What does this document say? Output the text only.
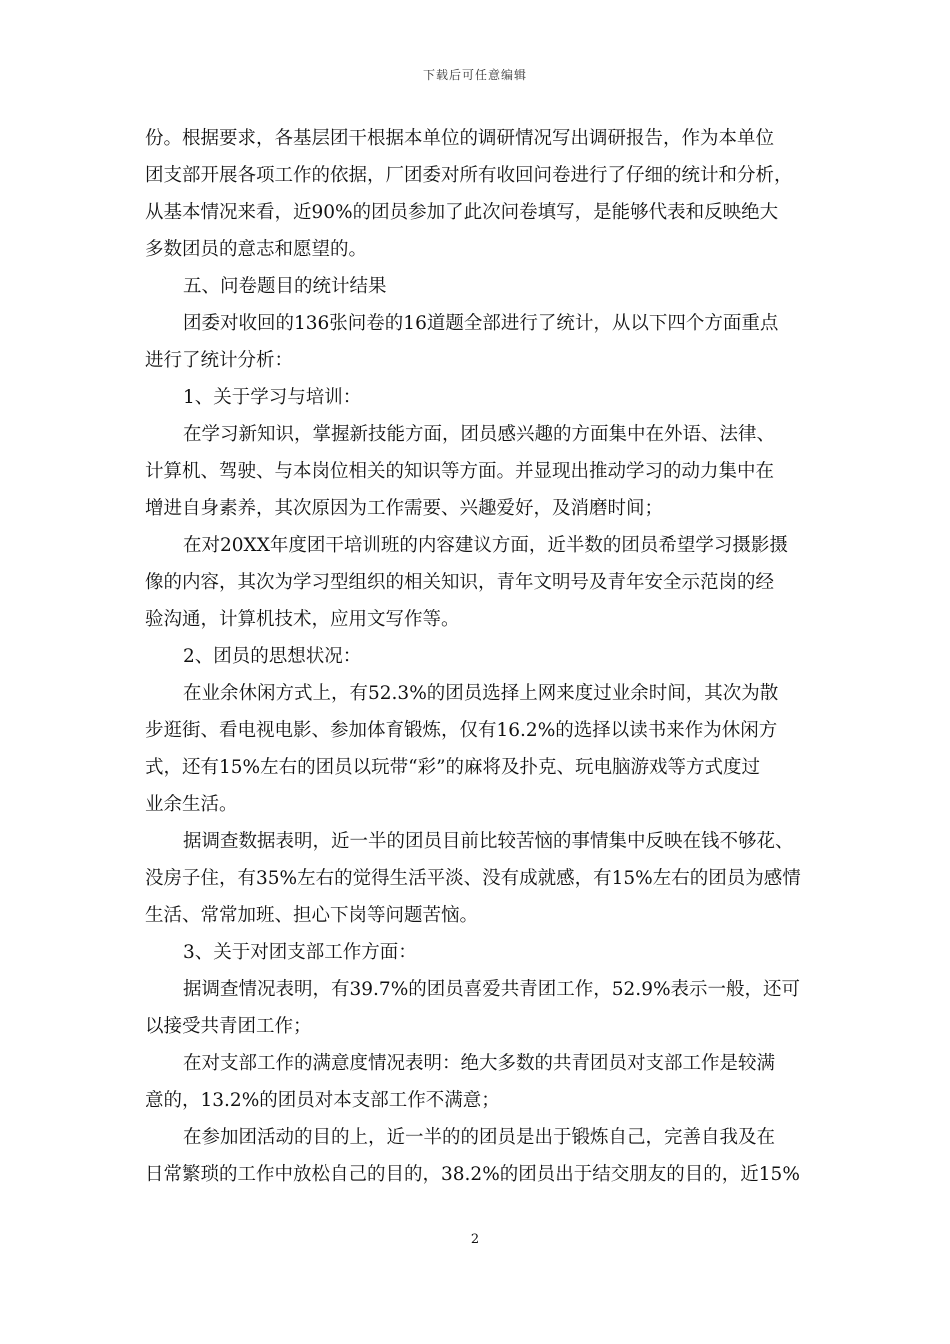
下载后可任意编辑
份。根据要求，各基层团干根据本单位的调研情况写出调研报告，作为本单位
团支部开展各项工作的依据，厂团委对所有收回问卷进行了仔细的统计和分析，
从基本情况来看，近90%的团员参加了此次问卷填写，是能够代表和反映绝大
多数团员的意志和愿望的。
五、问卷题目的统计结果
团委对收回的136张问卷的16道题全部进行了统计，从以下四个方面重点
进行了统计分析：
1、关于学习与培训：
在学习新知识，掌握新技能方面，团员感兴趣的方面集中在外语、法律、
计算机、驾驶、与本岗位相关的知识等方面。并显现出推动学习的动力集中在
增进自身素养，其次原因为工作需要、兴趣爱好，及消磨时间；
在对20XX年度团干培训班的内容建议方面，近半数的团员希望学习摄影摄
像的内容，其次为学习型组织的相关知识，青年文明号及青年安全示范岗的经
验沟通，计算机技术，应用文写作等。
2、团员的思想状况：
在业余休闲方式上，有52.3%的团员选择上网来度过业余时间，其次为散
步逛街、看电视电影、参加体育锻炼，仅有16.2%的选择以读书来作为休闲方
式，还有15%左右的团员以玩带“彩”的麻将及扑克、玩电脑游戏等方式度过
业余生活。
据调查数据表明，近一半的团员目前比较苦恼的事情集中反映在钱不够花、
没房子住，有35%左右的觉得生活平淡、没有成就感，有15%左右的团员为感情
生活、常常加班、担心下岗等问题苦恼。
3、关于对团支部工作方面：
据调查情况表明，有39.7%的团员喜爱共青团工作，52.9%表示一般，还可
以接受共青团工作；
在对支部工作的满意度情况表明：绝大多数的共青团员对支部工作是较满
意的，13.2%的团员对本支部工作不满意；
在参加团活动的目的上，近一半的的团员是出于锻炼自己，完善自我及在
日常繁琐的工作中放松自己的目的，38.2%的团员出于结交朋友的目的，近15%
2
